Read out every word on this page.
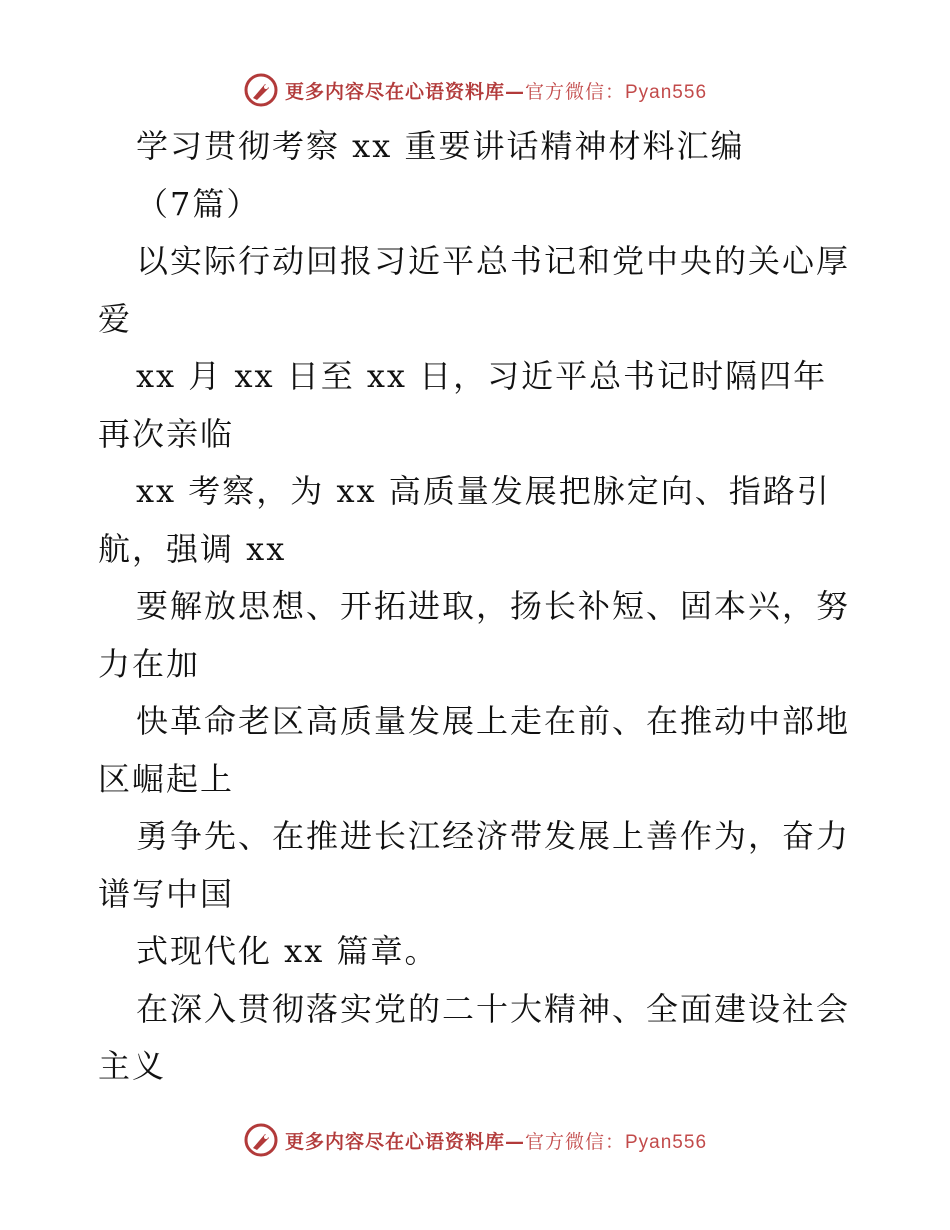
更多内容尽在心语资料库—官方微信：Pyan556
学习贯彻考察 xx 重要讲话精神材料汇编
（7篇）
以实际行动回报习近平总书记和党中央的关心厚
爱
xx 月 xx 日至 xx 日，习近平总书记时隔四年
再次亲临
xx 考察，为 xx 高质量发展把脉定向、指路引
航，强调 xx
要解放思想、开拓进取，扬长补短、固本兴，努
力在加
快革命老区高质量发展上走在前、在推动中部地
区崛起上
勇争先、在推进长江经济带发展上善作为，奋力
谱写中国
式现代化 xx 篇章。
在深入贯彻落实党的二十大精神、全面建设社会
主义
更多内容尽在心语资料库—官方微信：Pyan556
